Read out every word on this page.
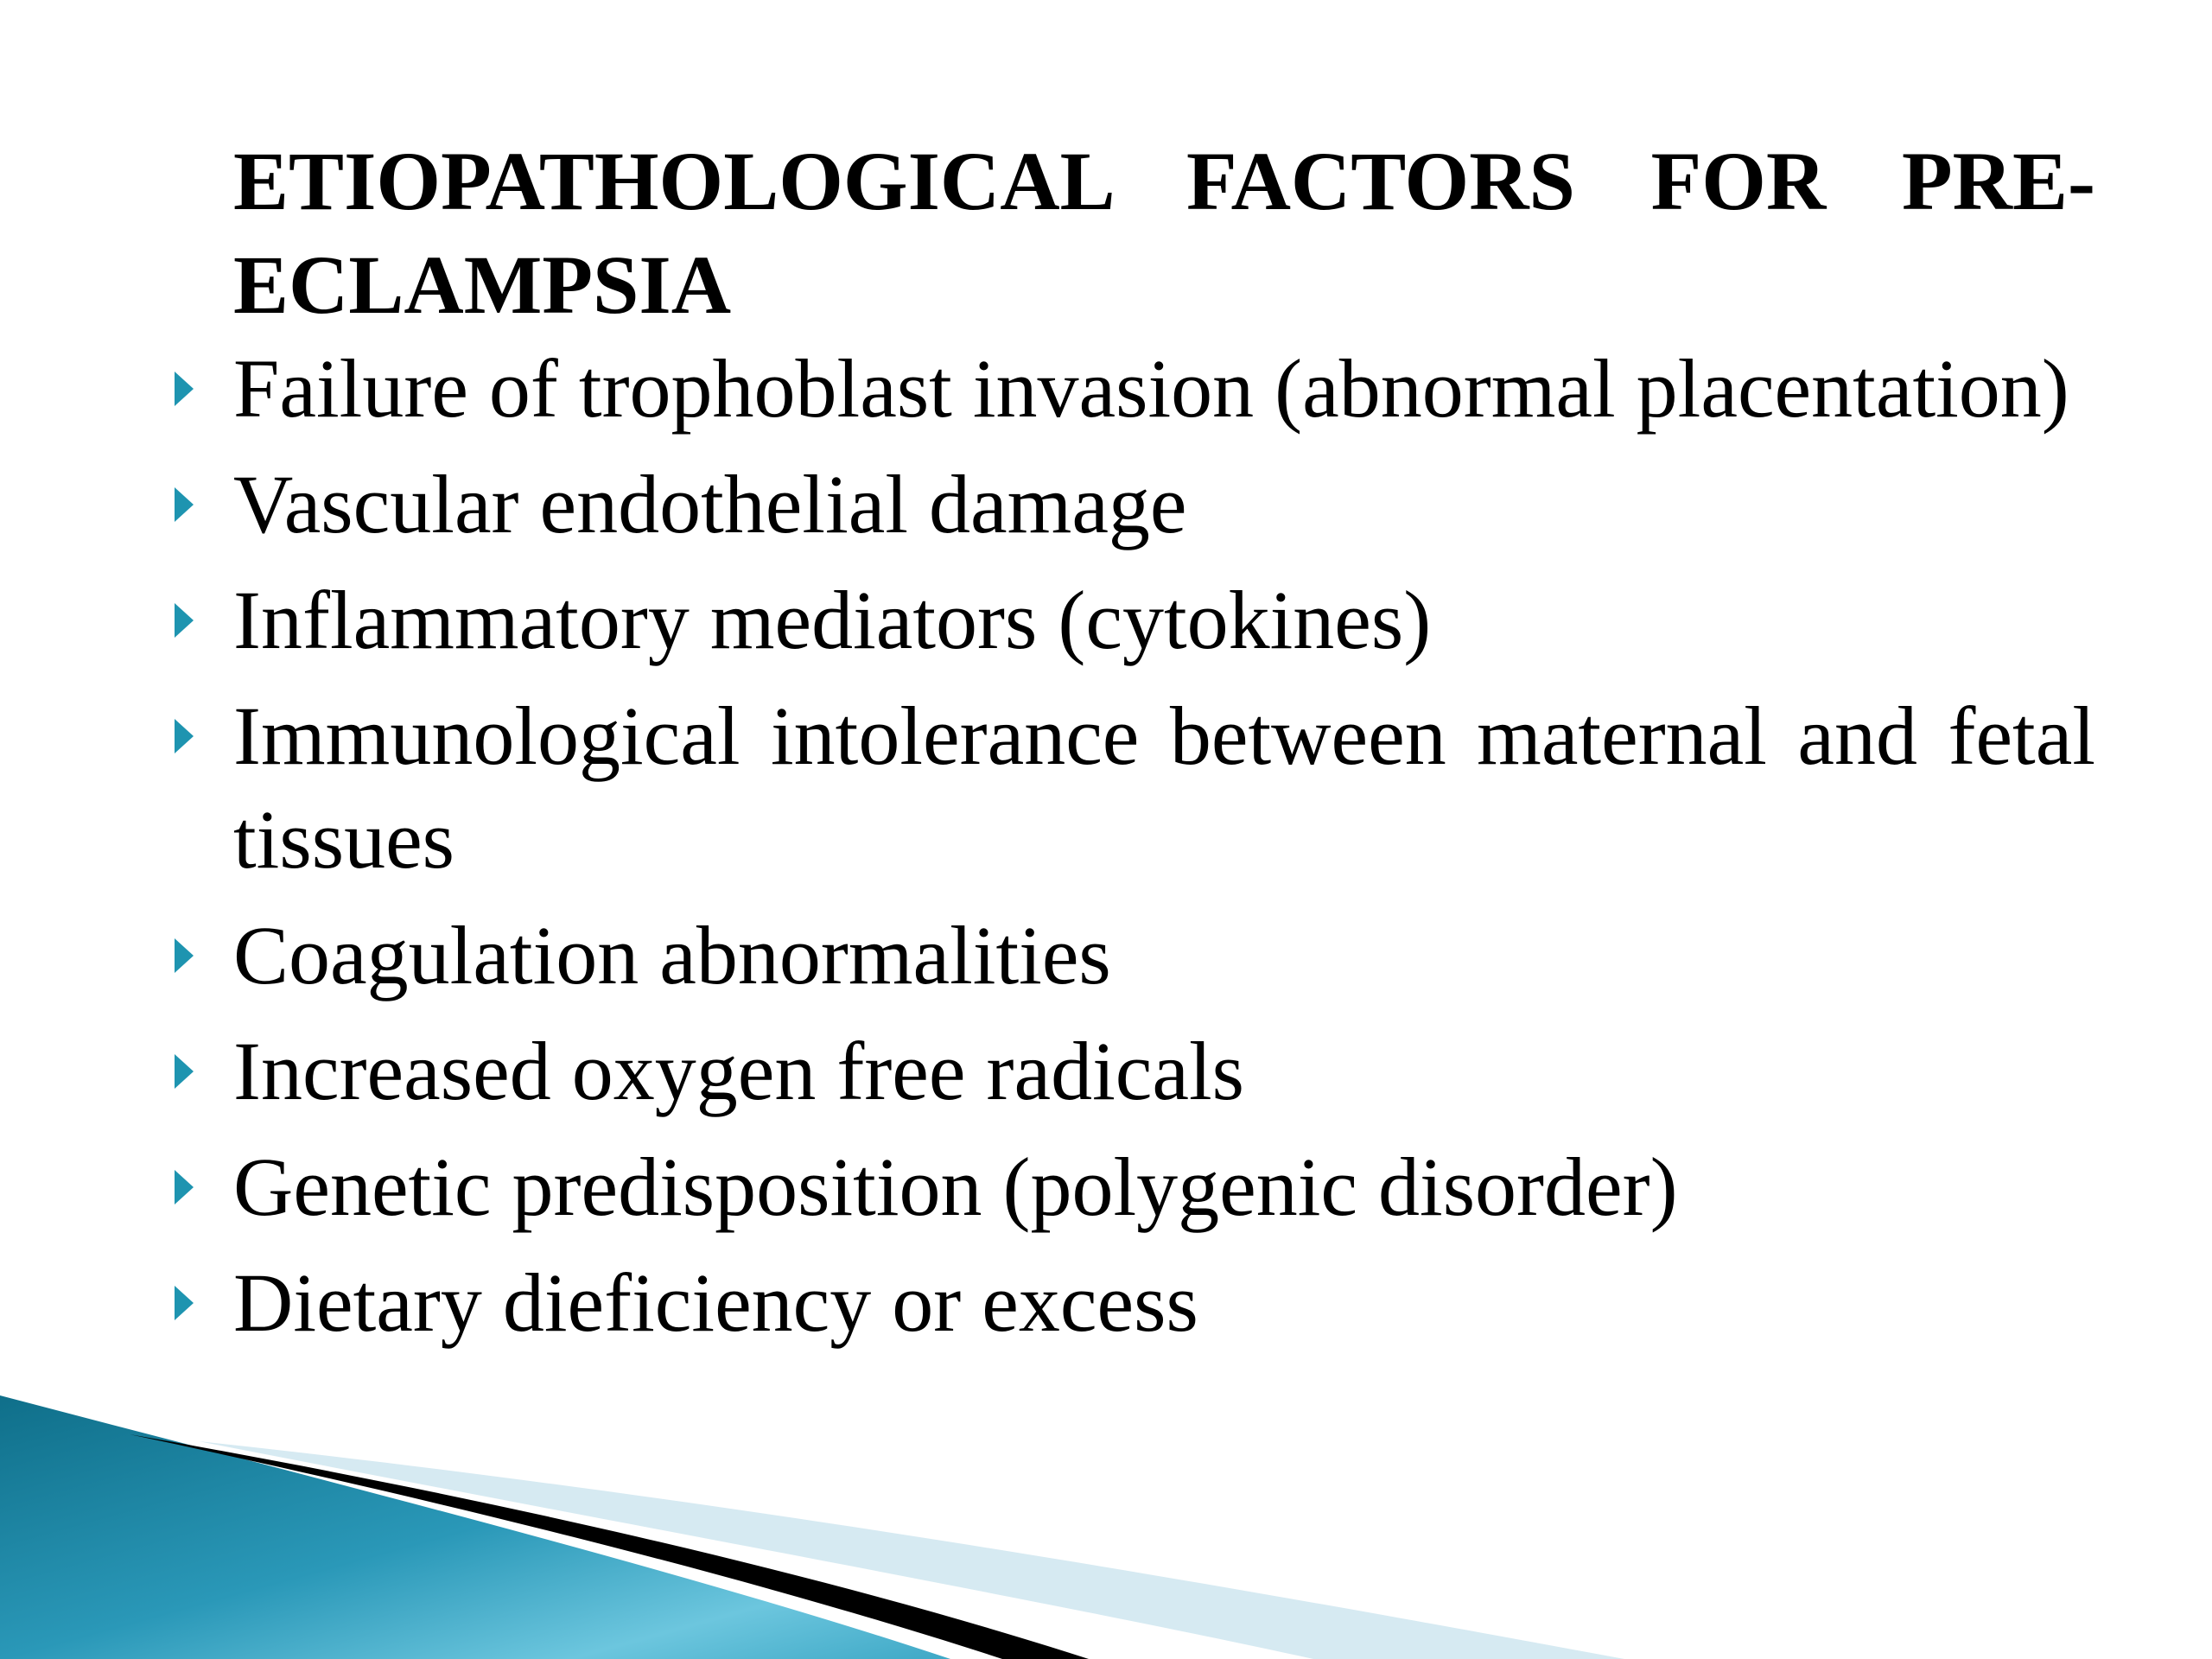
ETIOPATHOLOGICAL FACTORS FOR PRE-ECLAMPSIA
Failure of trophoblast invasion (abnormal placentation)
Vascular endothelial damage
Inflammatory mediators (cytokines)
Immunological intolerance between maternal and fetal tissues
Coagulation abnormalities
Increased oxygen free radicals
Genetic predisposition (polygenic disorder)
Dietary dieficiency or excess
